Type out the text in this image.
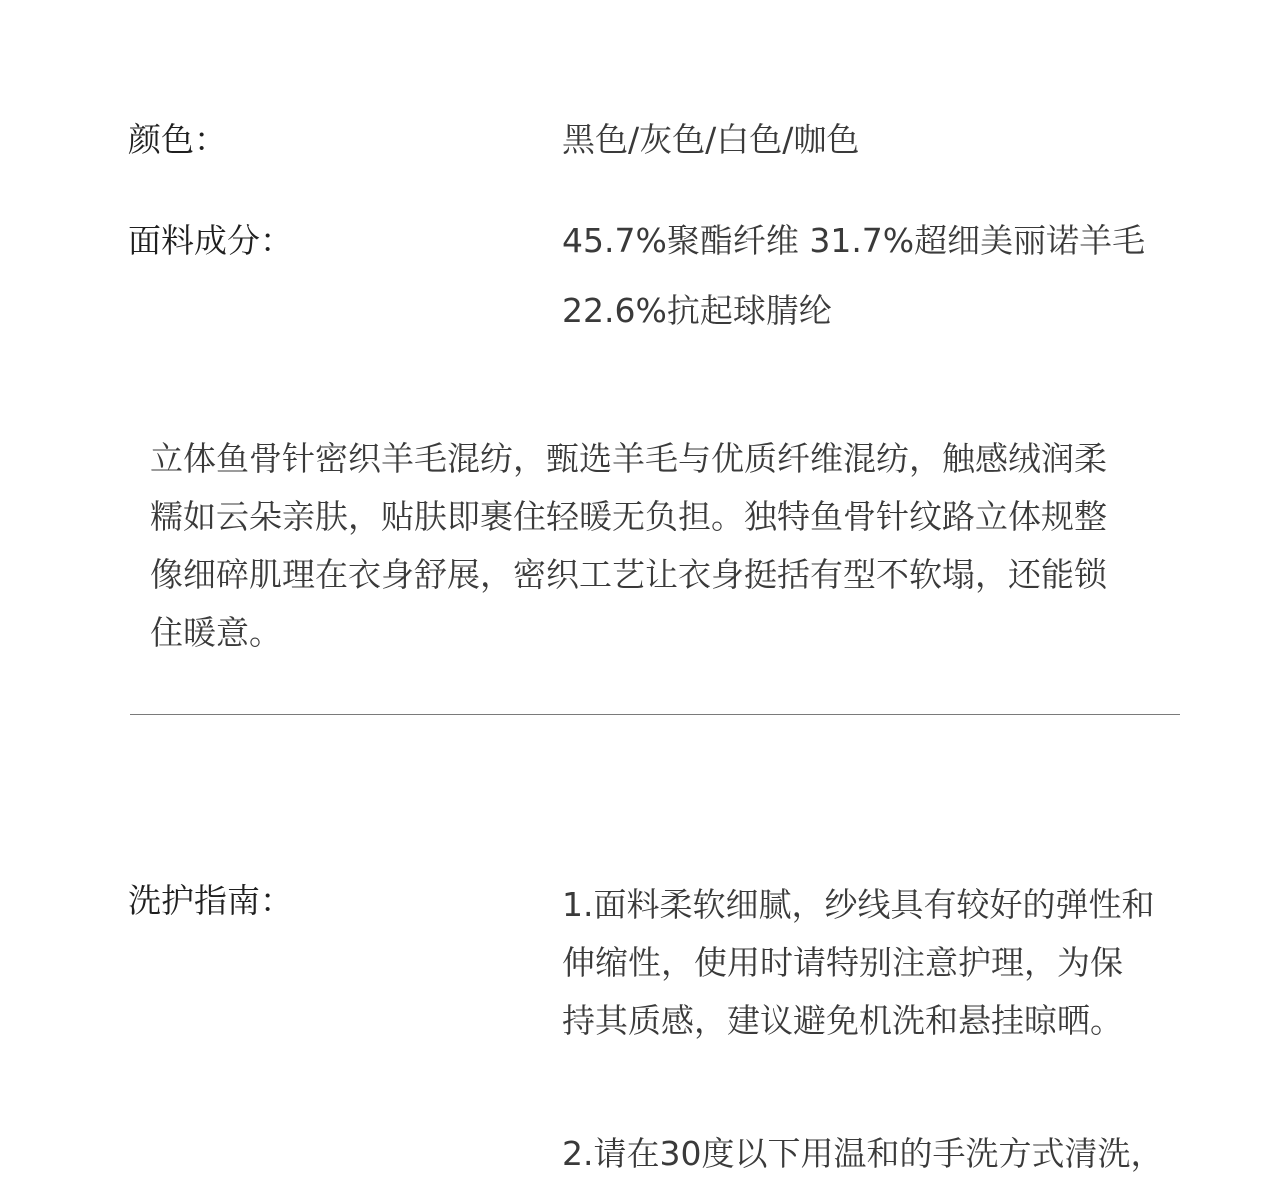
颜色：	黑色/灰色/白色/咖色
面料成分：	45.7%聚酯纤维 31.7%超细美丽诺羊毛
22.6%抗起球腈纶
立体鱼骨针密织羊毛混纺，甄选羊毛与优质纤维混纺，触感绒润柔
糯如云朵亲肤，贴肤即裹住轻暖无负担。独特鱼骨针纹路立体规整
像细碎肌理在衣身舒展，密织工艺让衣身挺括有型不软塌，还能锁
住暖意。
洗护指南：	1.面料柔软细腻，纱线具有较好的弹性和
伸缩性，使用时请特别注意护理，为保
持其质感，建议避免机洗和悬挂晾晒。
2.请在30度以下用温和的手洗方式清洗，
